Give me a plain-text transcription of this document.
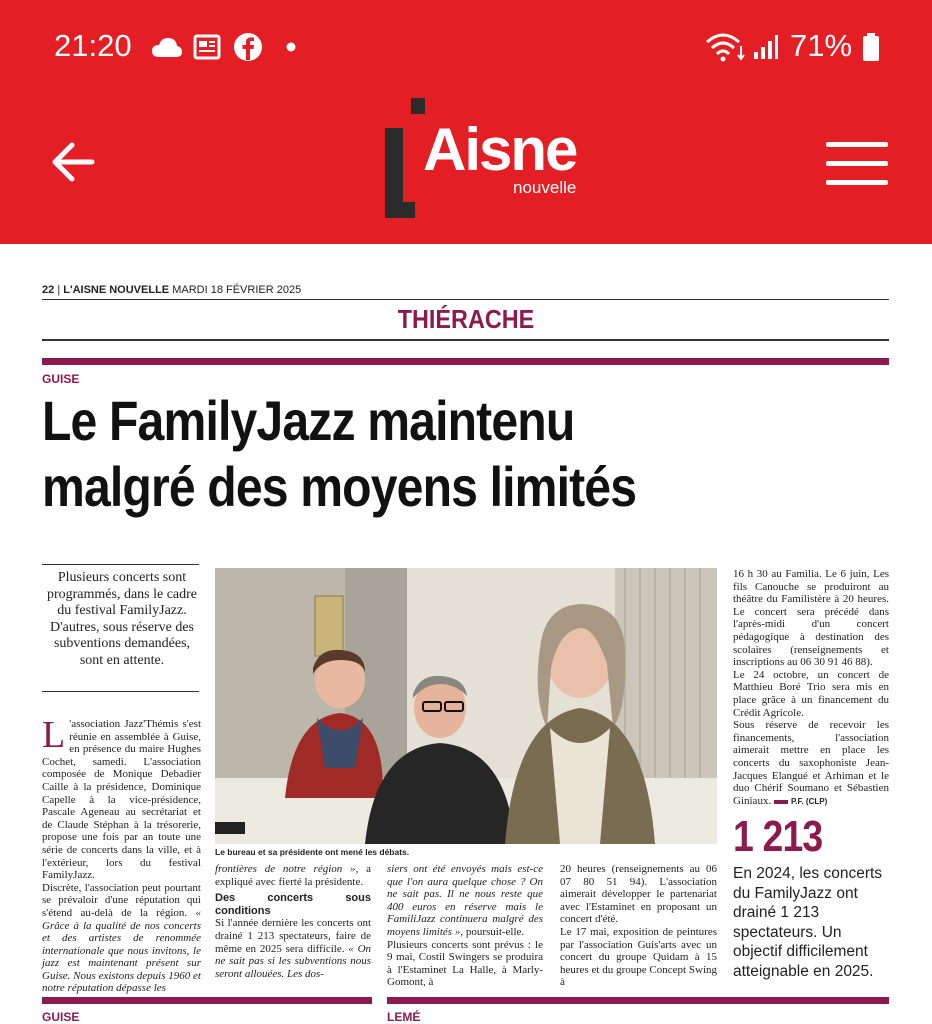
21:20	71%
Aisne
nouvelle
22 | L'AISNE NOUVELLE MARDI 18 FÉVRIER 2025
THIÉRACHE
GUISE
Le FamilyJazz maintenu
malgré des moyens limités
Plusieurs concerts sont programmés, dans le cadre du festival FamilyJazz. D'autres, sous réserve des subventions demandées, sont en attente.
L 'association Jazz'Thémis s'est réunie en assemblée à Guise, en présence du maire Hughes Cochet, samedi. L'association composée de Monique Debadier Caille à la présidence, Dominique Capelle à la vice-présidence, Pascale Ageneau au secrétariat et de Claude Stéphan à la trésorerie, propose une fois par an toute une série de concerts dans la ville, et à l'extérieur, lors du festival FamilyJazz.
Discrète, l'association peut pourtant se prévaloir d'une réputation qui s'étend au-delà de la région. « Grâce à la qualité de nos concerts et des artistes de renommée internationale que nous invitons, le jazz est maintenant présent sur Guise. Nous existons depuis 1960 et notre réputation dépasse les
Le bureau et sa présidente ont mené les débats.
frontières de notre région », a expliqué avec fierté la présidente.
Des concerts sous conditions
Si l'année dernière les concerts ont drainé 1 213 spectateurs, faire de même en 2025 sera difficile. « On ne sait pas si les subventions nous seront allouées. Les dos-
siers ont été envoyés mais est-ce que l'on aura quelque chose ? On ne sait pas. Il ne nous reste que 400 euros en réserve mais le FamiliJazz continuera malgré des moyens limités », poursuit-elle.
Plusieurs concerts sont prévus : le 9 mai, Costil Swingers se produira à l'Estaminet La Halle, à Marly-Gomont, à
20 heures (renseignements au 06 07 80 51 94). L'association aimerait développer le partenariat avec l'Estaminet en proposant un concert d'été.
Le 17 mai, exposition de peintures par l'association Guis'arts avec un concert du groupe Quidam à 15 heures et du groupe Concept Swing à
16 h 30 au Familia. Le 6 juin, Les fils Canouche se produiront au théâtre du Familistère à 20 heures. Le concert sera précédé dans l'après-midi d'un concert pédagogique à destination des scolaires (renseignements et inscriptions au 06 30 91 46 88).
Le 24 octobre, un concert de Matthieu Boré Trio sera mis en place grâce à un financement du Crédit Agricole.
Sous réserve de recevoir les financements, l'association aimerait mettre en place les concerts du saxophoniste Jean-Jacques Elangué et Arhiman et le duo Chérif Soumano et Sébastien Giniaux. P.F. (CLP)
1 213
En 2024, les concerts du FamilyJazz ont drainé 1 213 spectateurs. Un objectif difficilement atteignable en 2025.
GUISE	LEMÉ
